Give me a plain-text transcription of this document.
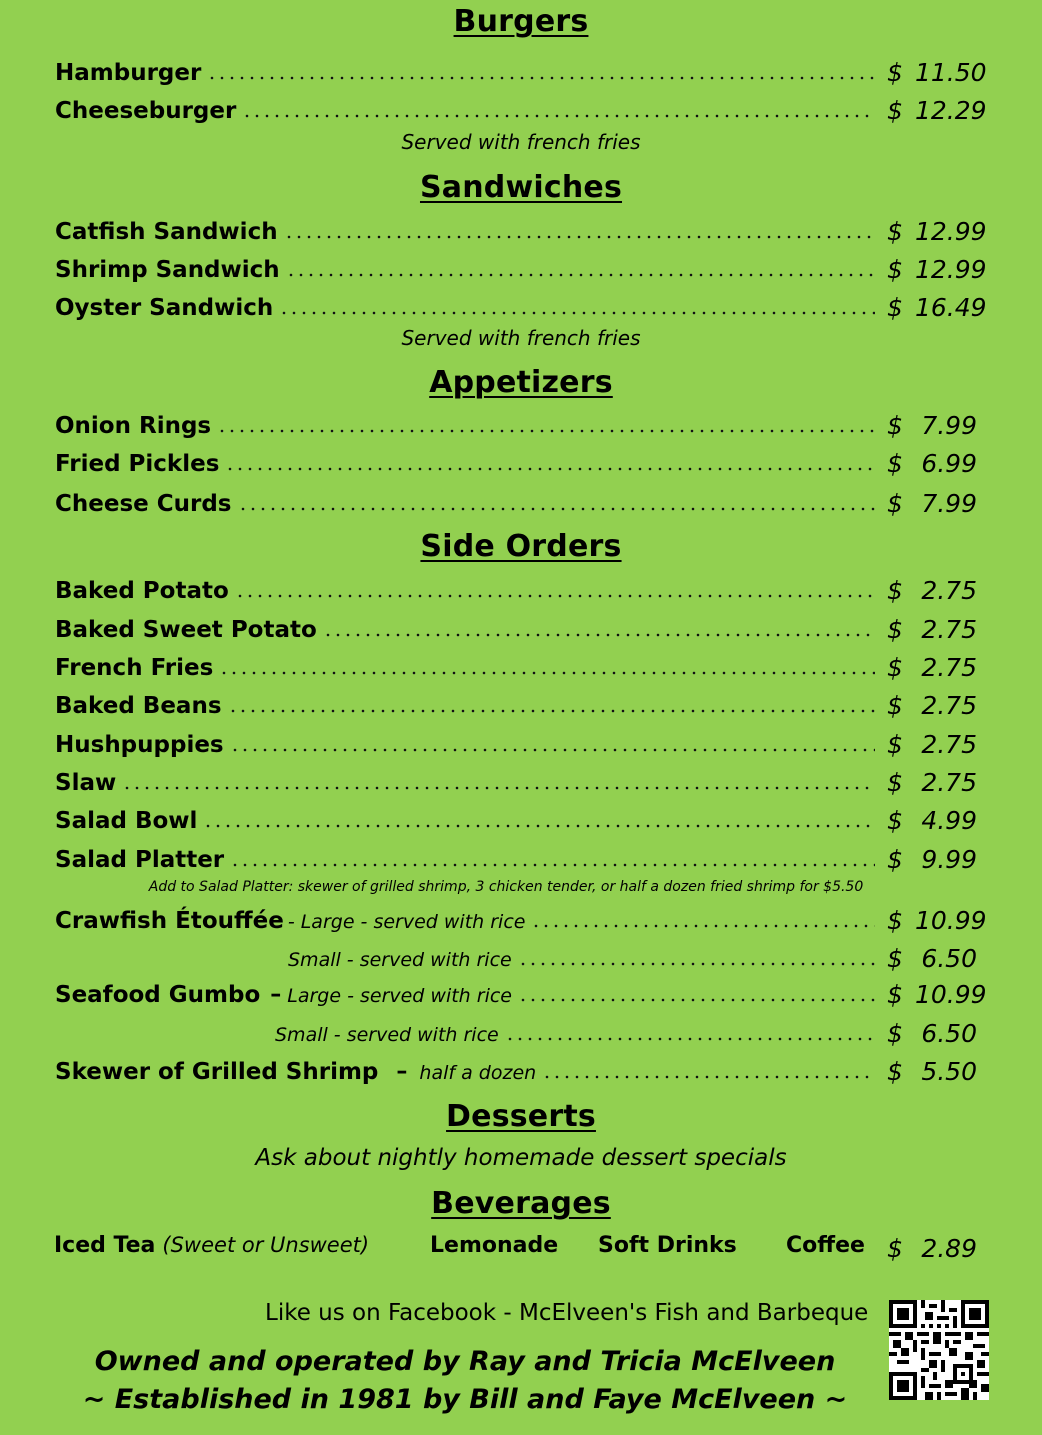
Burgers
Hamburger	$ 11.50
Cheeseburger	$ 12.29
Served with french fries
Sandwiches
Catfish Sandwich	$ 12.99
Shrimp Sandwich	$ 12.99
Oyster Sandwich	$ 16.49
Served with french fries
Appetizers
Onion Rings	$ 7.99
Fried Pickles	$ 6.99
Cheese Curds	$ 7.99
Side Orders
Baked Potato	$ 2.75
Baked Sweet Potato	$ 2.75
French Fries	$ 2.75
Baked Beans	$ 2.75
Hushpuppies	$ 2.75
Slaw	$ 2.75
Salad Bowl	$ 4.99
Salad Platter	$ 9.99
Add to Salad Platter: skewer of grilled shrimp, 3 chicken tender, or half a dozen fried shrimp for $5.50
Crawfish Étouffée - Large - served with rice	$ 10.99
Small - served with rice	$ 6.50
Seafood Gumbo – Large - served with rice	$ 10.99
Small - served with rice	$ 6.50
Skewer of Grilled Shrimp – half a dozen	$ 5.50
Desserts
Ask about nightly homemade dessert specials
Beverages
Iced Tea (Sweet or Unsweet)	Lemonade Soft Drinks Coffee $ 2.89
Like us on Facebook - McElveen's Fish and Barbeque
Owned and operated by Ray and Tricia McElveen
~ Established in 1981 by Bill and Faye McElveen ~
